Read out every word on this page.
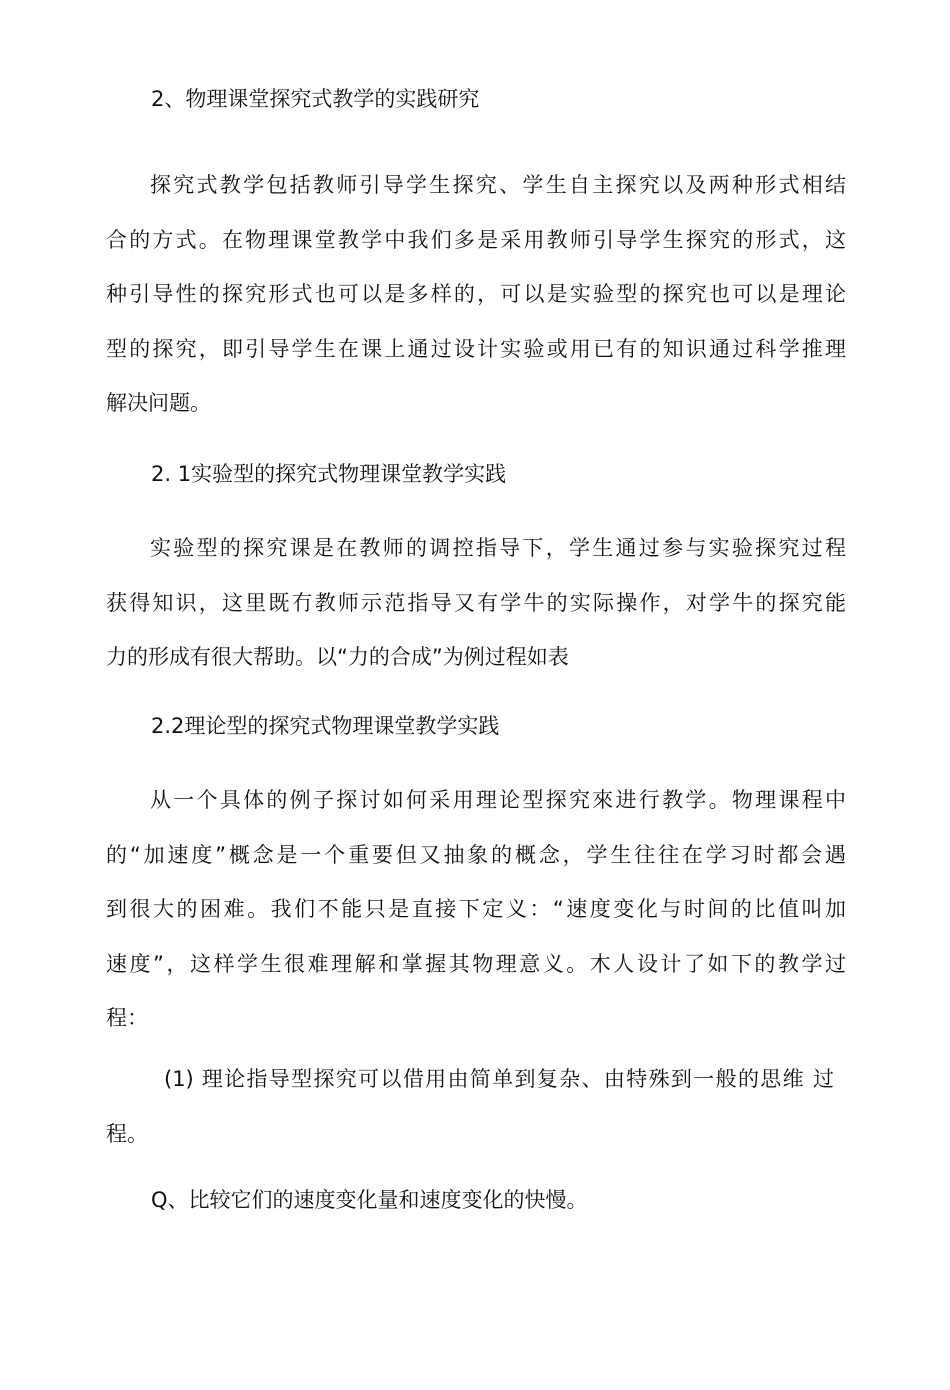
2、物理课堂探究式教学的实践研究
探究式教学包括教师引导学生探究、学生自主探究以及两种形式相结
合的方式。在物理课堂教学中我们多是采用教师引导学生探究的形式，这
种引导性的探究形式也可以是多样的，可以是实验型的探究也可以是理论
型的探究，即引导学生在课上通过设计实验或用已有的知识通过科学推理
解决问题。
2. 1实验型的探究式物理课堂教学实践
实验型的探究课是在教师的调控指导下，学生通过参与实验探究过程
获得知识，这里既冇教师示范指导又有学牛的实际操作，对学牛的探究能
力的形成有很大帮助。以“力的合成”为例过程如表
2.2理论型的探究式物理课堂教学实践
从一个具体的例子探讨如何采用理论型探究來进行教学。物理课程中
的“加速度”概念是一个重要但又抽象的概念，学生往往在学习时都会遇
到很大的困难。我们不能只是直接下定义：“速度变化与时间的比值叫加
速度”，这样学生很难理解和掌握其物理意义。木人设计了如下的教学过
程：
(1) 理论指导型探究可以借用由简单到复杂、由特殊到一般的思维 过
程。
Q、比较它们的速度变化量和速度变化的快慢。
